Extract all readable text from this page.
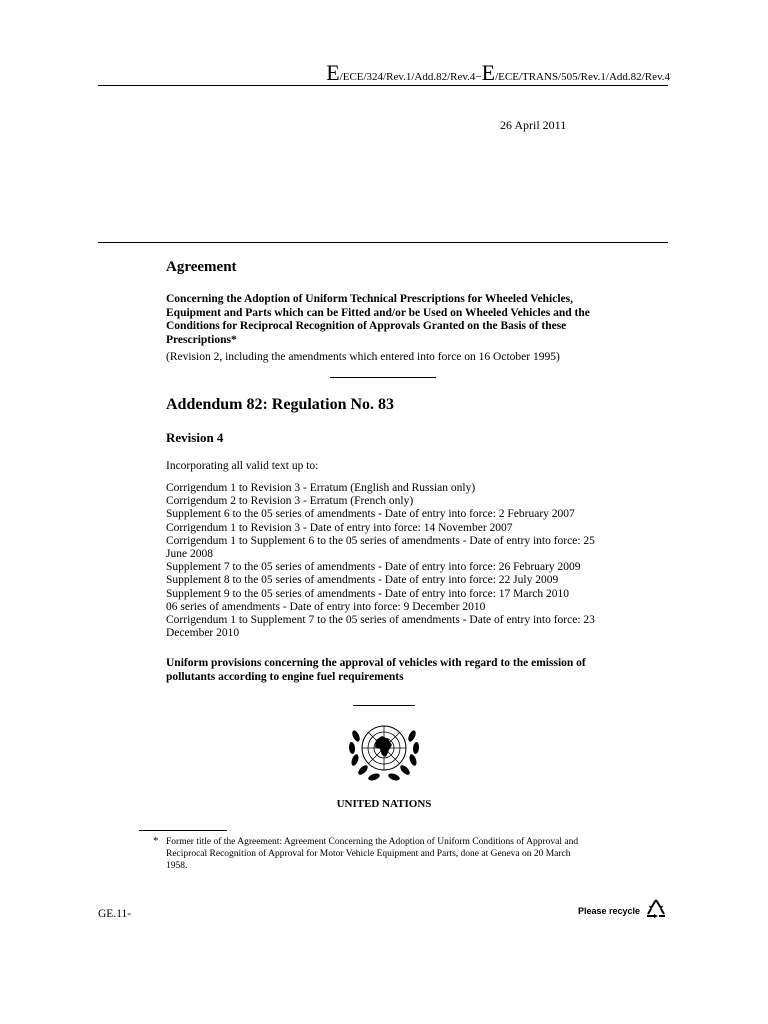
E/ECE/324/Rev.1/Add.82/Rev.4−E/ECE/TRANS/505/Rev.1/Add.82/Rev.4
26 April 2011
Agreement
Concerning the Adoption of Uniform Technical Prescriptions for Wheeled Vehicles, Equipment and Parts which can be Fitted and/or be Used on Wheeled Vehicles and the Conditions for Reciprocal Recognition of Approvals Granted on the Basis of these Prescriptions*
(Revision 2, including the amendments which entered into force on 16 October 1995)
Addendum 82: Regulation No. 83
Revision 4
Incorporating all valid text up to:
Corrigendum 1 to Revision 3 - Erratum (English and Russian only)
Corrigendum 2 to Revision 3 - Erratum (French only)
Supplement 6 to the 05 series of amendments - Date of entry into force: 2 February 2007
Corrigendum 1 to Revision 3 - Date of entry into force: 14 November 2007
Corrigendum 1 to Supplement 6 to the 05 series of amendments - Date of entry into force: 25 June 2008
Supplement 7 to the 05 series of amendments - Date of entry into force: 26 February 2009
Supplement 8 to the 05 series of amendments - Date of entry into force: 22 July 2009
Supplement 9 to the 05 series of amendments - Date of entry into force: 17 March 2010
06 series of amendments - Date of entry into force: 9 December 2010
Corrigendum 1 to Supplement 7 to the 05 series of amendments - Date of entry into force: 23 December 2010
Uniform provisions concerning the approval of vehicles with regard to the emission of pollutants according to engine fuel requirements
UNITED NATIONS
* Former title of the Agreement: Agreement Concerning the Adoption of Uniform Conditions of Approval and Reciprocal Recognition of Approval for Motor Vehicle Equipment and Parts, done at Geneva on 20 March 1958.
GE.11-	Please recycle
